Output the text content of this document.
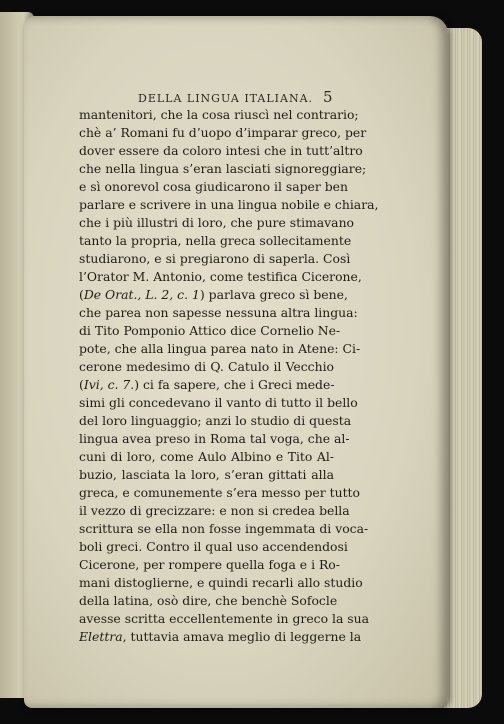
DELLA LINGUA ITALIANA. 5
mantenitori, che la cosa riuscì nel contrario;
chè a’ Romani fu d’uopo d’imparar greco, per
dover essere da coloro intesi che in tutt’altro
che nella lingua s’eran lasciati signoreggiare;
e sì onorevol cosa giudicarono il saper ben
parlare e scrivere in una lingua nobile e chiara,
che i più illustri di loro, che pure stimavano
tanto la propria, nella greca sollecitamente
studiarono, e si pregiarono di saperla. Così
l’Orator M. Antonio, come testifica Cicerone,
(De Orat., L. 2, c. 1) parlava greco sì bene,
che parea non sapesse nessuna altra lingua:
di Tito Pomponio Attico dice Cornelio Ne-
pote, che alla lingua parea nato in Atene: Ci-
cerone medesimo di Q. Catulo il Vecchio
(Ivi, c. 7.) ci fa sapere, che i Greci mede-
simi gli concedevano il vanto di tutto il bello
del loro linguaggio; anzi lo studio di questa
lingua avea preso in Roma tal voga, che al-
cuni di loro, come Aulo Albino e Tito Al-
buzio, lasciata la loro, s’eran gittati alla
greca, e comunemente s’era messo per tutto
il vezzo di grecizzare: e non si credea bella
scrittura se ella non fosse ingemmata di voca-
boli greci. Contro il qual uso accendendosi
Cicerone, per rompere quella foga e i Ro-
mani distoglierne, e quindi recarli allo studio
della latina, osò dire, che benchè Sofocle
avesse scritta eccellentemente in greco la sua
Elettra, tuttavia amava meglio di leggerne la
